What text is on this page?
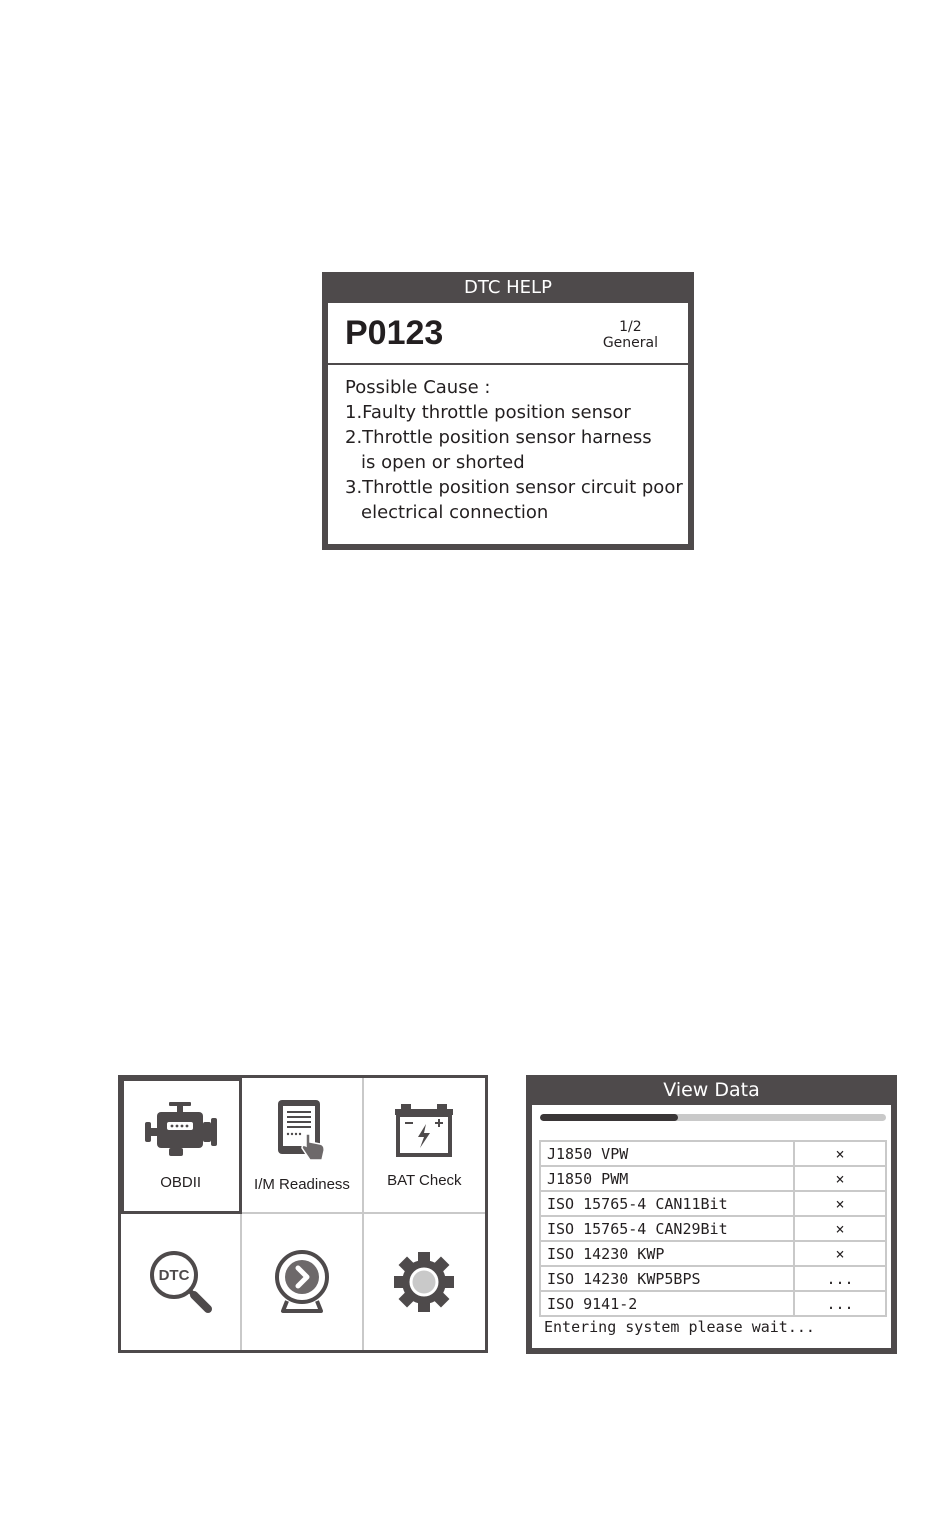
DTC HELP
P0123	1/2
General
Possible Cause :
1.Faulty throttle position sensor
2.Throttle position sensor harness
is open or shorted
3.Throttle position sensor circuit poor
electrical connection
OBDII	I/M Readiness BAT Check
DTC
View Data
J1850 VPW	×
J1850 PWM	×
ISO 15765-4 CAN11Bit	×
ISO 15765-4 CAN29Bit	×
ISO 14230 KWP	×
ISO 14230 KWP5BPS	...
ISO 9141-2	...
Entering system please wait...
